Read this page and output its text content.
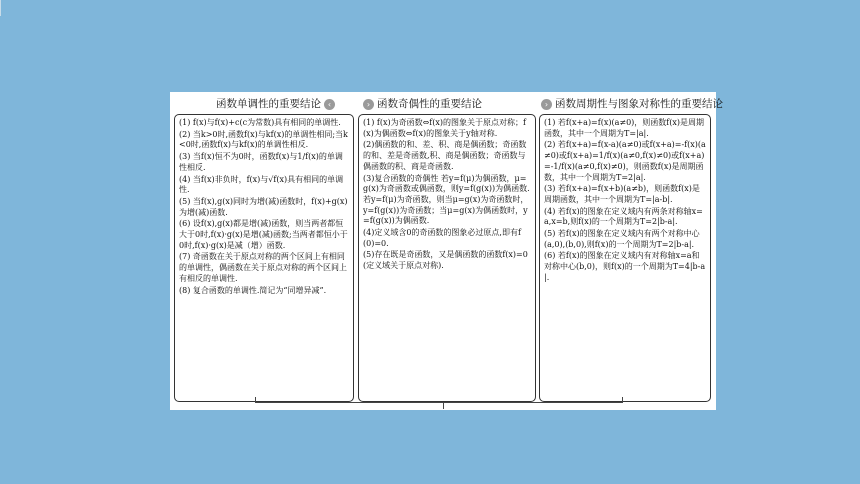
函数单调性的重要结论 ‹	› 函数奇偶性的重要结论	› 函数周期性与图象对称性的重要结论
(1) f(x)与f(x)+c(c为常数)具有相同的单调性.
(2) 当k>0时,函数f(x)与kf(x)的单调性相同;当k<0时,函数f(x)与kf(x)的单调性相反.
(3) 当f(x)恒不为0时，函数f(x)与1/f(x)的单调性相反.
(4) 当f(x)非负时，f(x)与√f(x)具有相同的单调性.
(5) 当f(x),g(x)同时为增(减)函数时，f(x)+g(x)为增(减)函数.
(6) 设f(x),g(x)都是增(减)函数，则当两者都恒大于0时,f(x)·g(x)是增(减)函数;当两者都恒小于0时,f(x)·g(x)是减（增）函数.
(7) 奇函数在关于原点对称的两个区间上有相同的单调性，偶函数在关于原点对称的两个区间上有相反的单调性.
(8) 复合函数的单调性.简记为“同增异减”.
(1) f(x)为奇函数⇔f(x)的图象关于原点对称；f(x)为偶函数⇔f(x)的图象关于y轴对称.
(2)偶函数的和、差、积、商是偶函数；奇函数的和、差是奇函数,积、商是偶函数；奇函数与偶函数的积、商是奇函数.
(3)复合函数的奇偶性 若y=f(μ)为偶函数，μ=g(x)为奇函数或偶函数，则y=f(g(x))为偶函数.若y=f(μ)为奇函数，则当μ=g(x)为奇函数时，y=f(g(x))为奇函数；当μ=g(x)为偶函数时，y=f(g(x))为偶函数.
(4)定义域含0的奇函数的图象必过原点,即有f(0)=0.
(5)存在既是奇函数，又是偶函数的函数f(x)=0(定义域关于原点对称).
(1) 若f(x+a)=f(x)(a≠0)，则函数f(x)是周期函数，其中一个周期为T=|a|.
(2) 若f(x+a)=f(x-a)(a≠0)或f(x+a)=-f(x)(a≠0)或f(x+a)=1/f(x)(a≠0,f(x)≠0)或f(x+a)=-1/f(x)(a≠0,f(x)≠0)，则函数f(x)是周期函数，其中一个周期为T=2|a|.
(3) 若f(x+a)=f(x+b)(a≠b)，则函数f(x)是周期函数，其中一个周期为T=|a-b|.
(4) 若f(x)的图象在定义域内有两条对称轴x=a,x=b,则f(x)的一个周期为T=2|b-a|.
(5) 若f(x)的图象在定义域内有两个对称中心(a,0),(b,0),则f(x)的一个周期为T=2|b-a|.
(6) 若f(x)的图象在定义域内有对称轴x=a和对称中心(b,0)，则f(x)的一个周期为T=4|b-a|.
